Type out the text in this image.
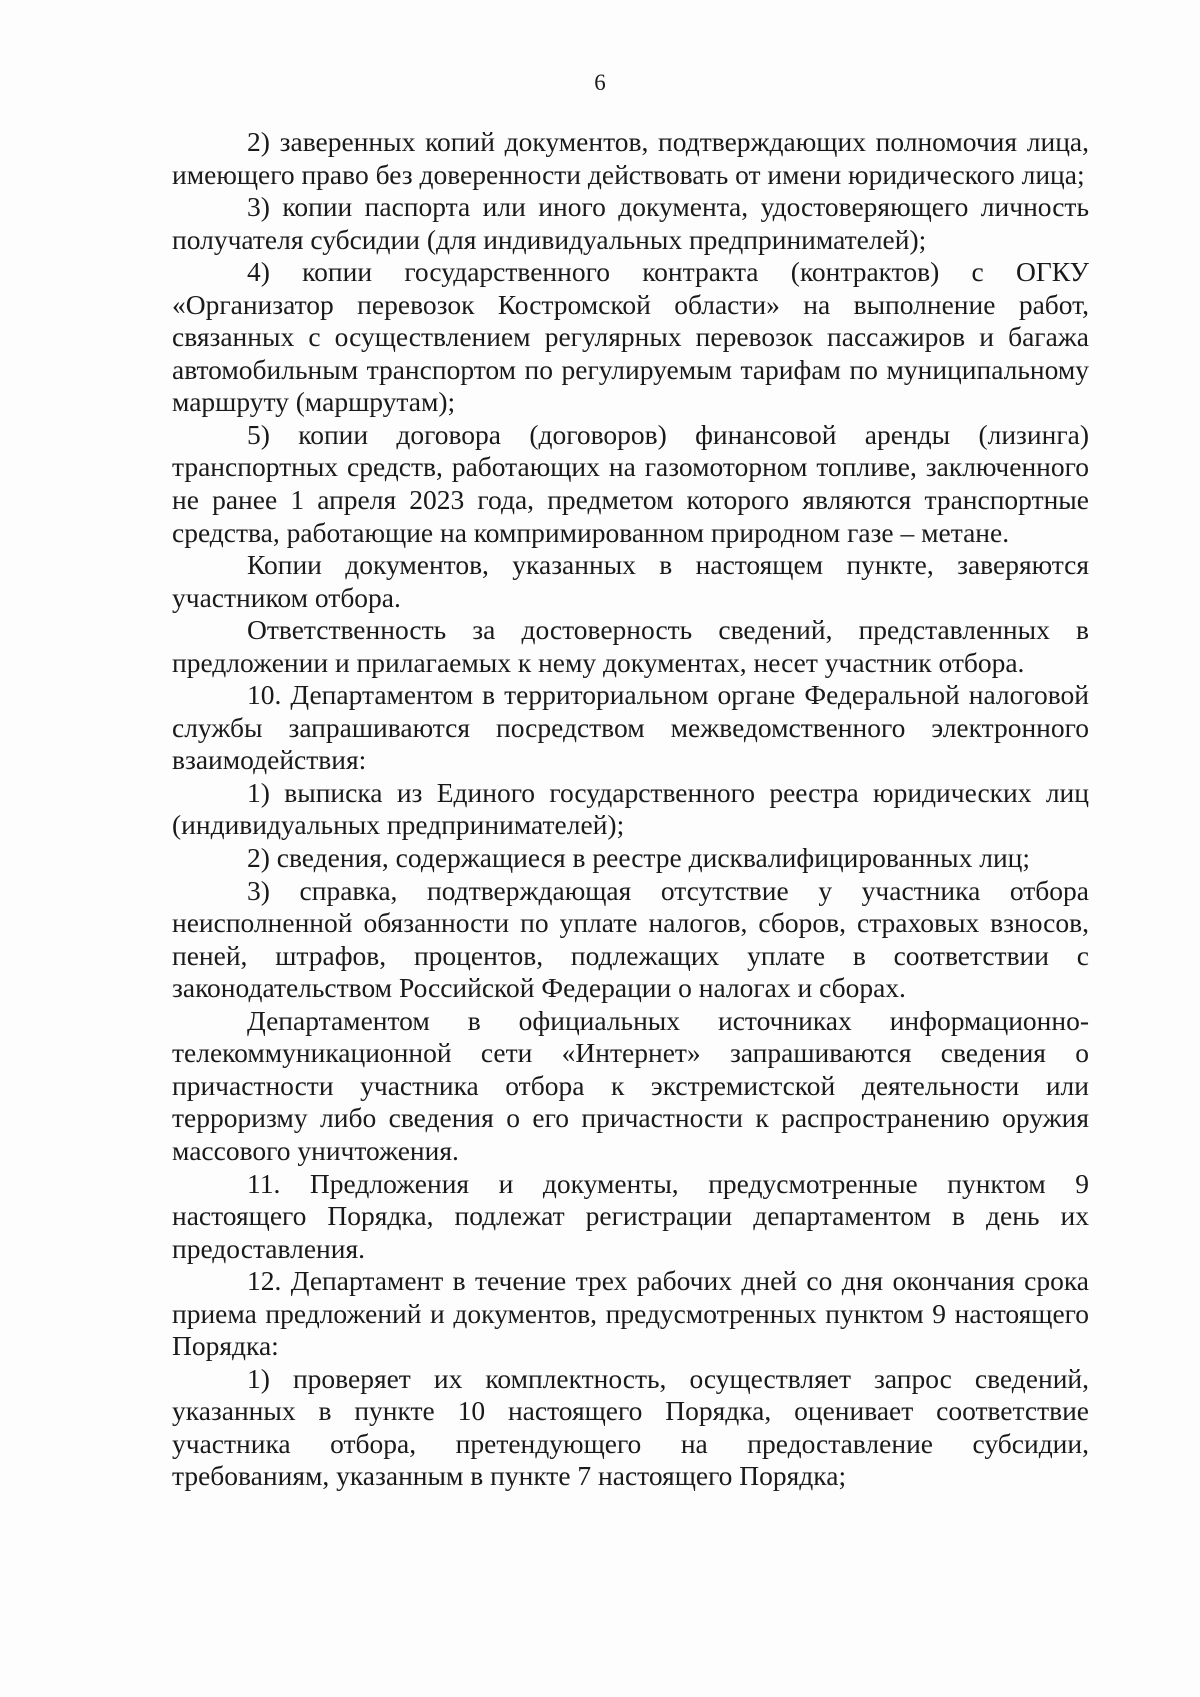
6

2) заверенных копий документов, подтверждающих полномочия лица, имеющего право без доверенности действовать от имени юридического лица;

3) копии паспорта или иного документа, удостоверяющего личность получателя субсидии (для индивидуальных предпринимателей);

4) копии государственного контракта (контрактов) с ОГКУ «Организатор перевозок Костромской области» на выполнение работ, связанных с осуществлением регулярных перевозок пассажиров и багажа автомобильным транспортом по регулируемым тарифам по муниципальному маршруту (маршрутам);

5) копии договора (договоров) финансовой аренды (лизинга) транспортных средств, работающих на газомоторном топливе, заключенного не ранее 1 апреля 2023 года, предметом которого являются транспортные средства, работающие на компримированном природном газе – метане.

Копии документов, указанных в настоящем пункте, заверяются участником отбора.

Ответственность за достоверность сведений, представленных в предложении и прилагаемых к нему документах, несет участник отбора.

10. Департаментом в территориальном органе Федеральной налоговой службы запрашиваются посредством межведомственного электронного взаимодействия:

1) выписка из Единого государственного реестра юридических лиц (индивидуальных предпринимателей);

2) сведения, содержащиеся в реестре дисквалифицированных лиц;

3) справка, подтверждающая отсутствие у участника отбора неисполненной обязанности по уплате налогов, сборов, страховых взносов, пеней, штрафов, процентов, подлежащих уплате в соответствии с законодательством Российской Федерации о налогах и сборах.

Департаментом в официальных источниках информационно-телекоммуникационной сети «Интернет» запрашиваются сведения о причастности участника отбора к экстремистской деятельности или терроризму либо сведения о его причастности к распространению оружия массового уничтожения.

11. Предложения и документы, предусмотренные пунктом 9 настоящего Порядка, подлежат регистрации департаментом в день их предоставления.

12. Департамент в течение трех рабочих дней со дня окончания срока приема предложений и документов, предусмотренных пунктом 9 настоящего Порядка:

1) проверяет их комплектность, осуществляет запрос сведений, указанных в пункте 10 настоящего Порядка, оценивает соответствие участника отбора, претендующего на предоставление субсидии, требованиям, указанным в пункте 7 настоящего Порядка;
